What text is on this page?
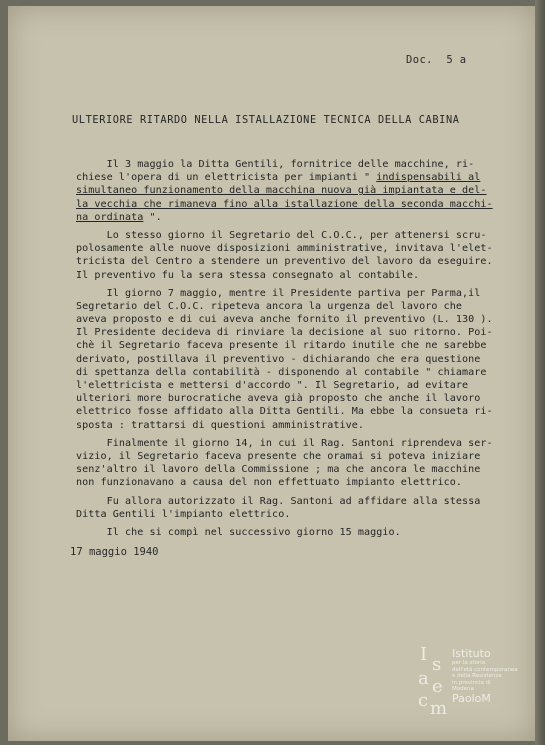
Doc.  5 a
ULTERIORE RITARDO NELLA ISTALLAZIONE TECNICA DELLA CABINA
Il 3 maggio la Ditta Gentili, fornitrice delle macchine, ri-
chiese l'opera di un elettricista per impianti " indispensabili al
simultaneo funzionamento della macchina nuova già impiantata e del-
la vecchia che rimaneva fino alla istallazione della seconda macchi-
na ordinata ".
Lo stesso giorno il Segretario del C.O.C., per attenersi scru-
polosamente alle nuove disposizioni amministrative, invitava l'elet-
tricista del Centro a stendere un preventivo del lavoro da eseguire.
Il preventivo fu la sera stessa consegnato al contabile.
Il giorno 7 maggio, mentre il Presidente partiva per Parma,il
Segretario del C.O.C. ripeteva ancora la urgenza del lavoro che
aveva proposto e di cui aveva anche fornito il preventivo (L. 130 ).
Il Presidente decideva di rinviare la decisione al suo ritorno. Poi-
chè il Segretario faceva presente il ritardo inutile che ne sarebbe
derivato, postillava il preventivo - dichiarando che era questione
di spettanza della contabilità - disponendo al contabile " chiamare
l'elettricista e mettersi d'accordo ". Il Segretario, ad evitare
ulteriori more burocratiche aveva già proposto che anche il lavoro
elettrico fosse affidato alla Ditta Gentili. Ma ebbe la consueta ri-
sposta : trattarsi di questioni amministrative.
Finalmente il giorno 14, in cui il Rag. Santoni riprendeva ser-
vizio, il Segretario faceva presente che oramai si poteva iniziare
senz'altro il lavoro della Commissione ; ma che ancora le macchine
non funzionavano a causa del non effettuato impianto elettrico.
Fu allora autorizzato il Rag. Santoni ad affidare alla stessa
Ditta Gentili l'impianto elettrico.
Il che si compì nel successivo giorno 15 maggio.
17 maggio 1940
I s
a e
c m
Istituto
per la storia
dell'età contemporanea
e della Resistenza
in provincia di
Modena
PaoloM
